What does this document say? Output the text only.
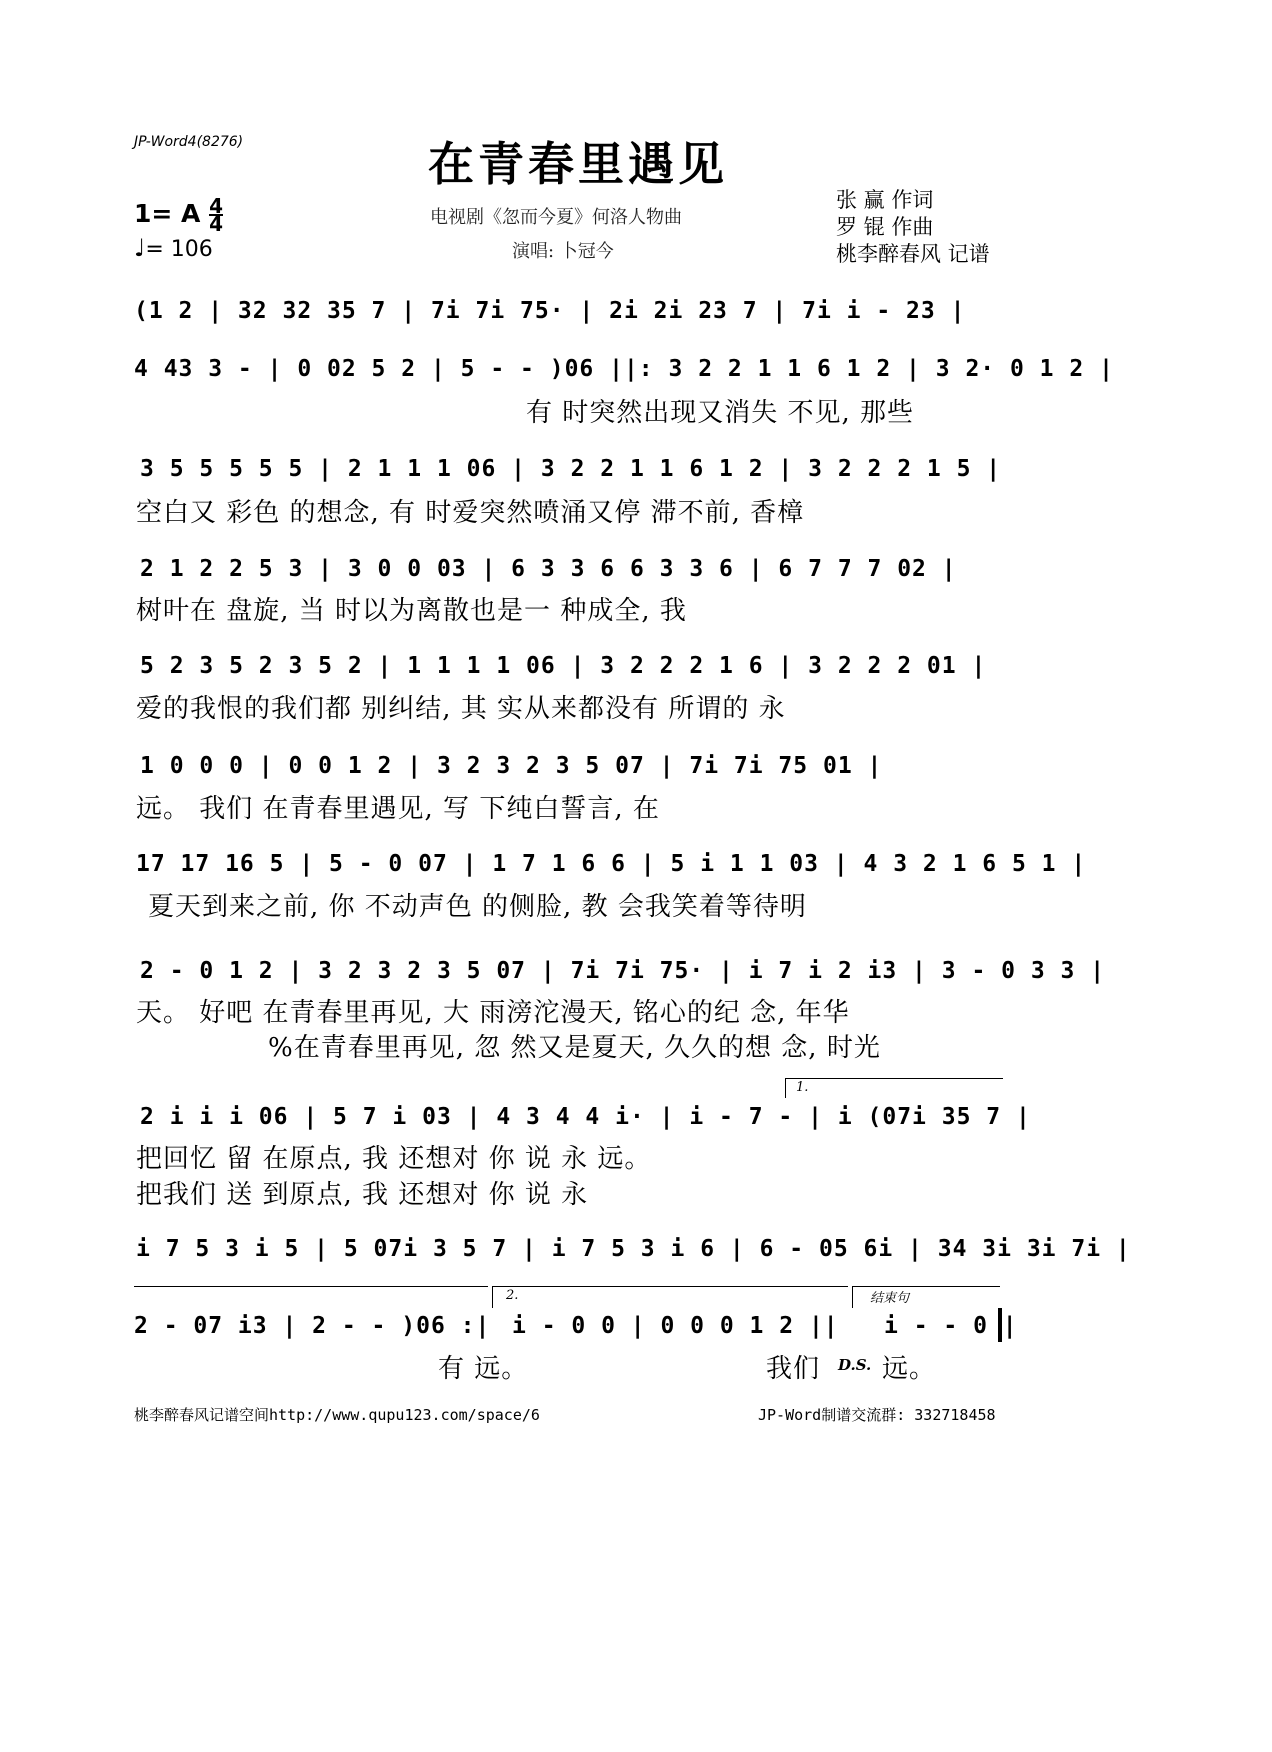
JP-Word4(8276)	在青春里遇见
1= A $\frac{4}{4}$
♩= 106
电视剧《忽而今夏》何洛人物曲
演唱: 卜冠今
张 赢 作词
罗 锟 作曲
桃李醉春风 记谱
(1 2 | 32 32 35 7 | 7i 7i 75· | 2i 2i 23 7 | 7i i - 23 |
4 43 3 - | 0 02 5 2 | 5 - - )06 ||: 3 2 2 1 1 6 1 2 | 3 2· 0 1 2 |
有 时突然出现又消失 不见, 那些
3 5 5 5 5 5 | 2 1 1 1 06 | 3 2 2 1 1 6 1 2 | 3 2 2 2 1 5 |
空白又 彩色 的想念, 有 时爱突然喷涌又停 滞不前, 香樟
2 1 2 2 5 3 | 3 0 0 03 | 6 3 3 6 6 3 3 6 | 6 7 7 7 02 |
树叶在 盘旋, 当 时以为离散也是一 种成全, 我
5 2 3 5 2 3 5 2 | 1 1 1 1 06 | 3 2 2 2 1 6 | 3 2 2 2 01 |
爱的我恨的我们都 别纠结, 其 实从来都没有 所谓的 永
1 0 0 0 | 0 0 1 2 | 3 2 3 2 3 5 07 | 7i 7i 75 01 |
远。 我们 在青春里遇见, 写 下纯白誓言, 在
17 17 16 5 | 5 - 0 07 | 1 7 1 6 6 | 5 i 1 1 03 | 4 3 2 1 6 5 1 |
夏天到来之前, 你 不动声色 的侧脸, 教 会我笑着等待明
2 - 0 1 2 | 3 2 3 2 3 5 07 | 7i 7i 75· | i 7 i 2 i3 | 3 - 0 3 3 |
天。 好吧 在青春里再见, 大 雨滂沱漫天, 铭心的纪 念, 年华
%在青春里再见, 忽 然又是夏天, 久久的想 念, 时光
1.
2 i i i 06 | 5 7 i 03 | 4 3 4 4 i· | i - 7 - | i (07i 35 7 |
把回忆 留 在原点, 我 还想对 你 说 永 远。
把我们 送 到原点, 我 还想对 你 说 永
i 7 5 3 i 5 | 5 07i 3 5 7 | i 7 5 3 i 6 | 6 - 05 6i | 34 3i 3i 7i |
2.	结束句
2 - 07 i3 | 2 - - )06 :| i - 0 0 | 0 0 0 1 2 || i - - 0 |
有 远。	我们 D.S. 远。
桃李醉春风记谱空间http://www.qupu123.com/space/6	JP-Word制谱交流群: 332718458
